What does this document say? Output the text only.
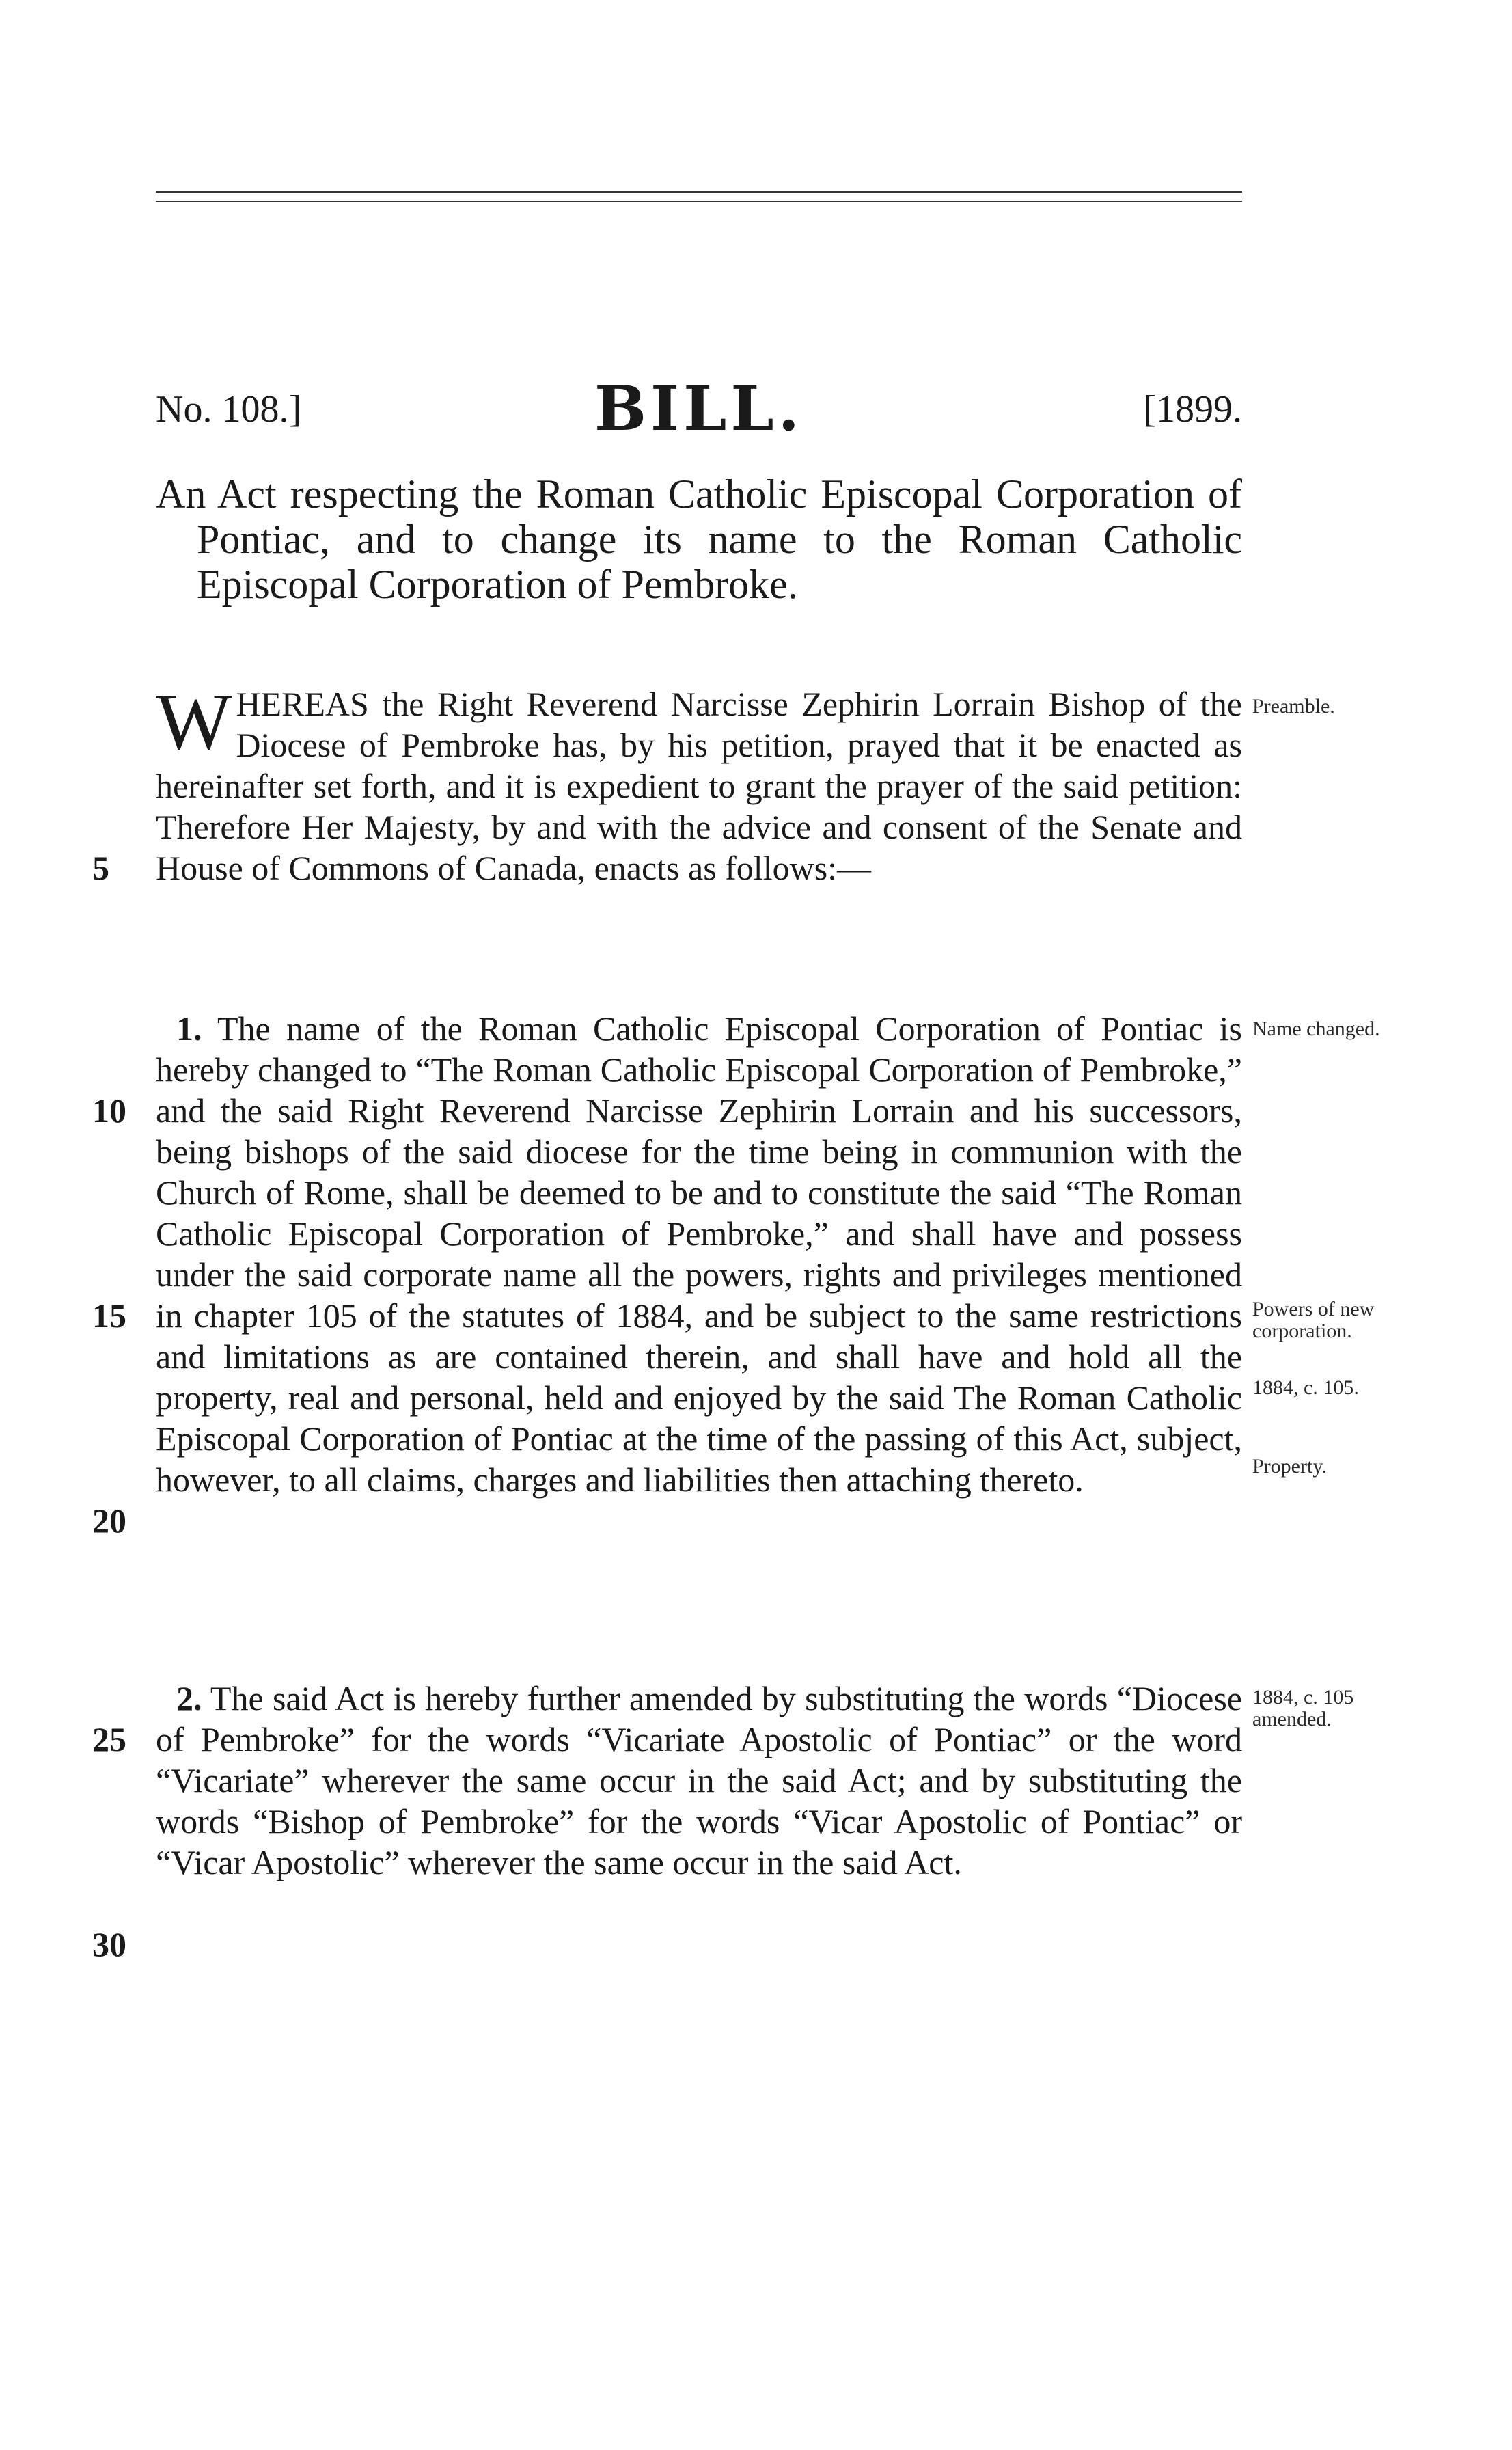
No. 108.]	BILL.	[1899.
An Act respecting the Roman Catholic Episcopal Corporation of Pontiac, and to change its name to the Roman Catholic Episcopal Corporation of Pembroke.
WHEREAS the Right Reverend Narcisse Zephirin Lorrain Bishop of the Diocese of Pembroke has, by his petition, prayed that it be enacted as hereinafter set forth, and it is expedient to grant the prayer of the said petition: Therefore Her Majesty, by and with the advice and consent of the Senate and House of Commons of Canada, enacts as follows:—
1. The name of the Roman Catholic Episcopal Corporation of Pontiac is hereby changed to “The Roman Catholic Episcopal Corporation of Pembroke,” and the said Right Reverend Narcisse Zephirin Lorrain and his successors, being bishops of the said diocese for the time being in communion with the Church of Rome, shall be deemed to be and to constitute the said “The Roman Catholic Episcopal Corporation of Pembroke,” and shall have and possess under the said corporate name all the powers, rights and privileges mentioned in chapter 105 of the statutes of 1884, and be subject to the same restrictions and limitations as are contained therein, and shall have and hold all the property, real and personal, held and enjoyed by the said The Roman Catholic Episcopal Corporation of Pontiac at the time of the passing of this Act, subject, however, to all claims, charges and liabilities then attaching thereto.
2. The said Act is hereby further amended by substituting the words “Diocese of Pembroke” for the words “Vicariate Apostolic of Pontiac” or the word “Vicariate” wherever the same occur in the said Act; and by substituting the words “Bishop of Pembroke” for the words “Vicar Apostolic of Pontiac” or “Vicar Apostolic” wherever the same occur in the said Act.
5
10
15
20
25
30
Preamble.
Name changed.
Powers of new corporation.
1884, c. 105.
Property.
1884, c. 105 amended.
